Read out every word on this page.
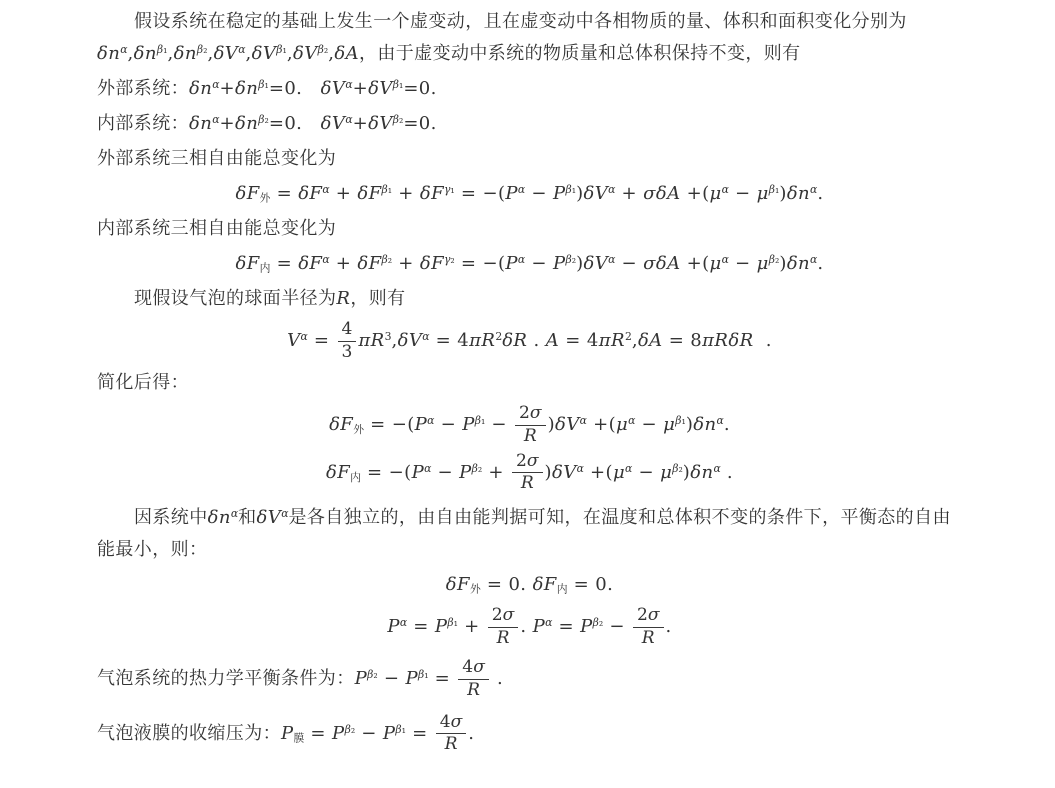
假设系统在稳定的基础上发生一个虚变动，且在虚变动中各相物质的量、体积和面积变化分别为$\delta n^\alpha,\delta n^{\beta_1},\delta n^{\beta_2},\delta V^\alpha,\delta V^{\beta_1},\delta V^{\beta_2},\delta A$，由于虚变动中系统的物质量和总体积保持不变，则有

外部系统：$\delta n^\alpha+\delta n^{\beta_1}=0$.   $\delta V^\alpha+\delta V^{\beta_1}=0$.

内部系统：$\delta n^\alpha+\delta n^{\beta_2}=0$.   $\delta V^\alpha+\delta V^{\beta_2}=0$.

外部系统三相自由能总变化为

$\delta F_外 = \delta F^\alpha + \delta F^{\beta_1} + \delta F^{\gamma_1} = -(P^\alpha - P^{\beta_1})\delta V^\alpha + \sigma\delta A +(\mu^\alpha - \mu^{\beta_1})\delta n^\alpha$.

内部系统三相自由能总变化为

$\delta F_内 = \delta F^\alpha + \delta F^{\beta_2} + \delta F^{\gamma_2} = -(P^\alpha - P^{\beta_2})\delta V^\alpha - \sigma\delta A +(\mu^\alpha - \mu^{\beta_2})\delta n^\alpha$.

现假设气泡的球面半径为R，则有

$V^\alpha = \frac{4}{3} \pi R^3,\delta V^\alpha = 4\pi R^2\delta R$ . $A = 4\pi R^2,\delta A = 8\pi R\delta R$  .

简化后得：

$\delta F_外 = -(P^\alpha - P^{\beta_1} - \frac{2\sigma}{R} )\delta V^\alpha +(\mu^\alpha - \mu^{\beta_1})\delta n^\alpha$.

$\delta F_内 = -(P^\alpha - P^{\beta_2} + \frac{2\sigma}{R} )\delta V^\alpha +(\mu^\alpha - \mu^{\beta_2})\delta n^\alpha$ .

因系统中$\delta n^\alpha$和$\delta V^\alpha$是各自独立的，由自由能判据可知，在温度和总体积不变的条件下，平衡态的自由能最小，则：

$\delta F_外 = 0$. $\delta F_内 = 0$.

$P^\alpha = P^{\beta_1} + \frac{2\sigma}{R}$ . $P^\alpha = P^{\beta_2} - \frac{2\sigma}{R}$ .

气泡系统的热力学平衡条件为：$P^{\beta_2} - P^{\beta_1} = \frac{4\sigma}{R}$ .

气泡液膜的收缩压为：$P_膜 = P^{\beta_2} - P^{\beta_1} = \frac{4\sigma}{R}$ .
